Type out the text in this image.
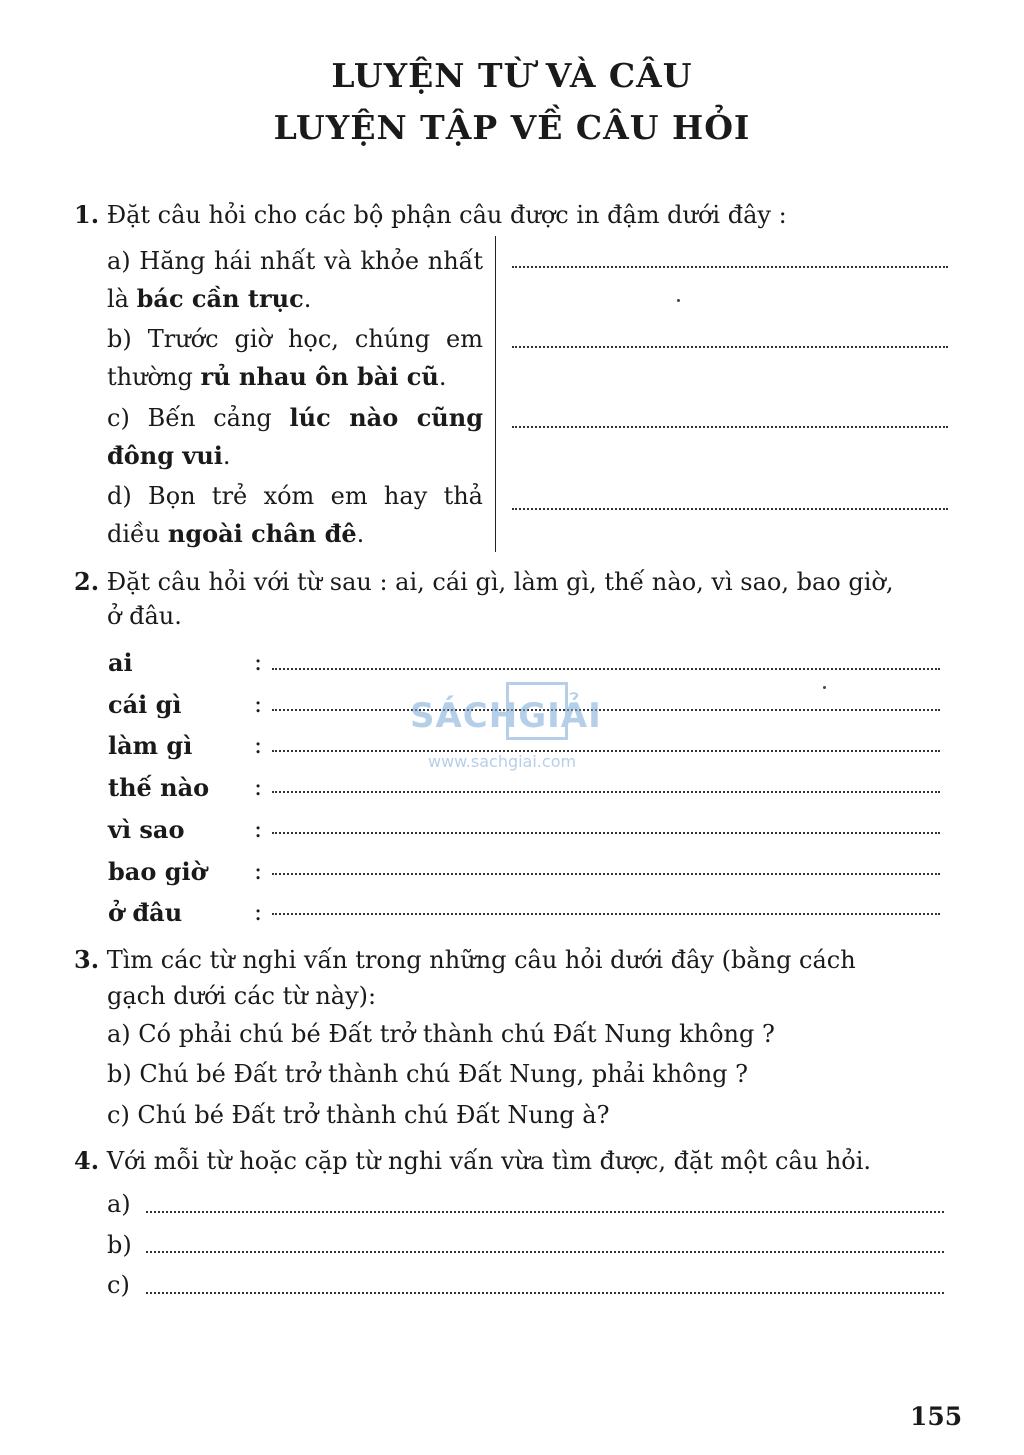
LUYỆN TỪ VÀ CÂU
LUYỆN TẬP VỀ CÂU HỎI
1. Đặt câu hỏi cho các bộ phận câu được in đậm dưới đây :
a) Hăng hái nhất và khỏe nhất là bác cần trục.
b) Trước giờ học, chúng em thường rủ nhau ôn bài cũ.
c) Bến cảng lúc nào cũng đông vui.
d) Bọn trẻ xóm em hay thả diều ngoài chân đê.
2. Đặt câu hỏi với từ sau : ai, cái gì, làm gì, thế nào, vì sao, bao giờ,
ở đâu.
ai
cái gì
làm gì
thế nào
vì sao
bao giờ
ở đâu
:
:
:
:
:
:
:
SÁCHGIẢI
www.sachgiai.com
3. Tìm các từ nghi vấn trong những câu hỏi dưới đây (bằng cách
gạch dưới các từ này):
a) Có phải chú bé Đất trở thành chú Đất Nung không ?
b) Chú bé Đất trở thành chú Đất Nung, phải không ?
c) Chú bé Đất trở thành chú Đất Nung à?
4. Với mỗi từ hoặc cặp từ nghi vấn vừa tìm được, đặt một câu hỏi.
a)
b)
c)
155
